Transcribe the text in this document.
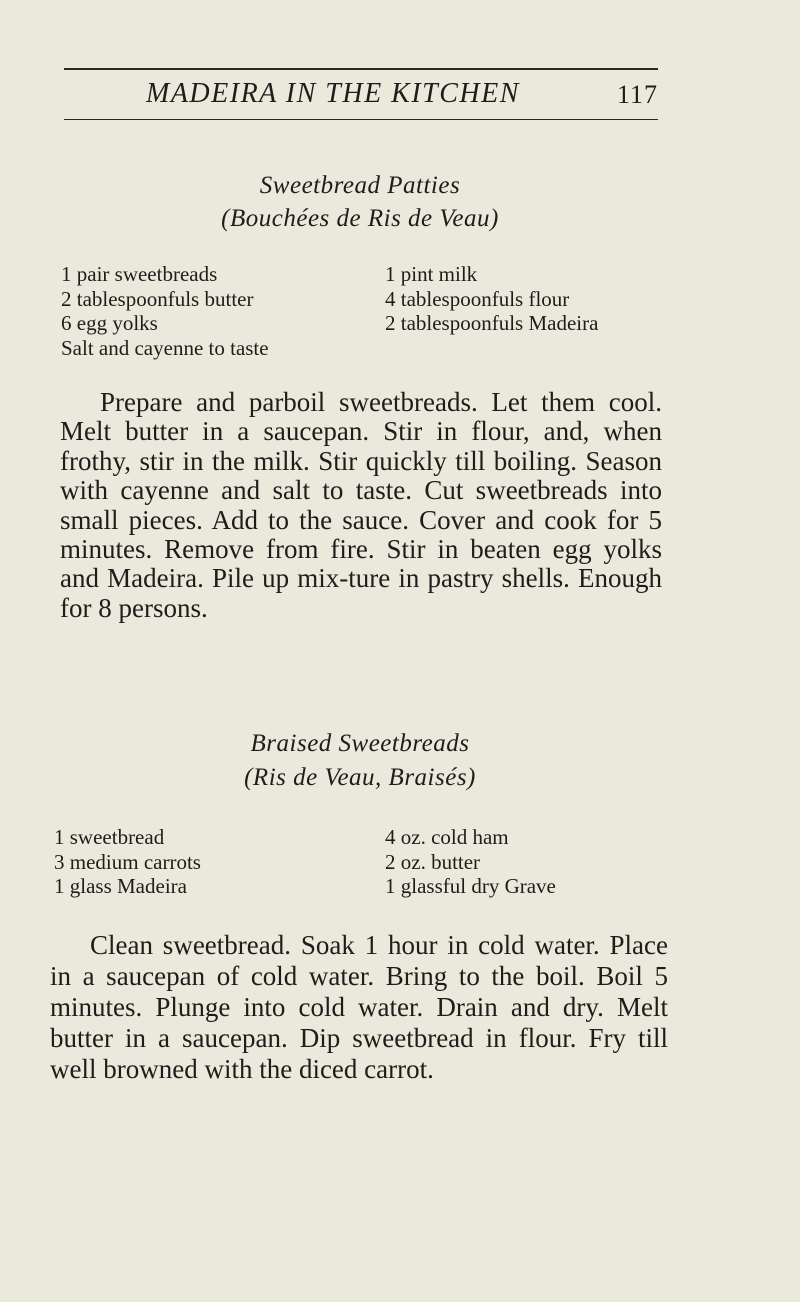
MADEIRA IN THE KITCHEN	117
Sweetbread Patties
(Bouchées de Ris de Veau)
1 pair sweetbreads
2 tablespoonfuls butter
6 egg yolks
Salt and cayenne to taste
1 pint milk
4 tablespoonfuls flour
2 tablespoonfuls Madeira

Prepare and parboil sweetbreads. Let them cool. Melt butter in a saucepan. Stir in flour, and, when frothy, stir in the milk. Stir quickly till boiling. Season with cayenne and salt to taste. Cut sweetbreads into small pieces. Add to the sauce. Cover and cook for 5 minutes. Remove from fire. Stir in beaten egg yolks and Madeira. Pile up mix-ture in pastry shells. Enough for 8 persons.

Braised Sweetbreads
(Ris de Veau, Braisés)
1 sweetbread
3 medium carrots
1 glass Madeira
4 oz. cold ham
2 oz. butter
1 glassful dry Grave

Clean sweetbread. Soak 1 hour in cold water. Place in a saucepan of cold water. Bring to the boil. Boil 5 minutes. Plunge into cold water. Drain and dry. Melt butter in a saucepan. Dip sweetbread in flour. Fry till well browned with the diced carrot.
